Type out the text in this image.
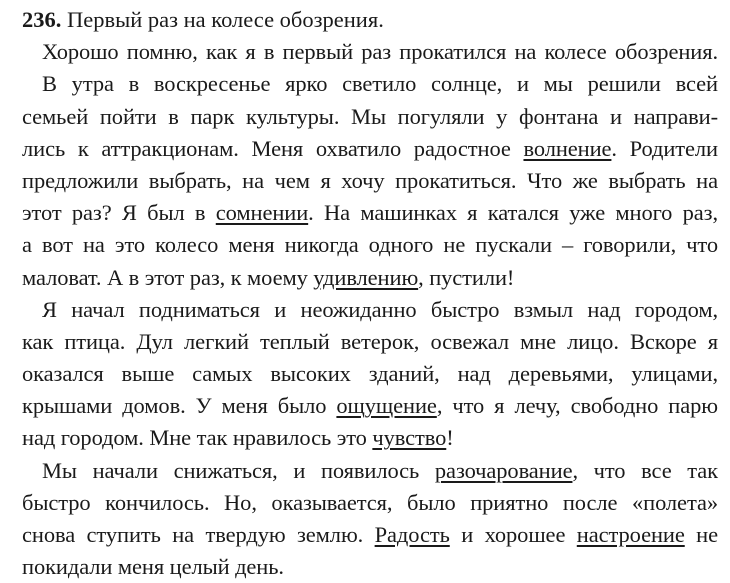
236. Первый раз на колесе обозрения.
Хорошо помню, как я в первый раз прокатился на колесе обозрения.
В утра в воскресенье ярко светило солнце, и мы решили всей
семьей пойти в парк культуры. Мы погуляли у фонтана и направи-
лись к аттракционам. Меня охватило радостное волнение. Родители
предложили выбрать, на чем я хочу прокатиться. Что же выбрать на
этот раз? Я был в сомнении. На машинках я катался уже много раз,
а вот на это колесо меня никогда одного не пускали – говорили, что
маловат. А в этот раз, к моему удивлению, пустили!
Я начал подниматься и неожиданно быстро взмыл над городом,
как птица. Дул легкий теплый ветерок, освежал мне лицо. Вскоре я
оказался выше самых высоких зданий, над деревьями, улицами,
крышами домов. У меня было ощущение, что я лечу, свободно парю
над городом. Мне так нравилось это чувство!
Мы начали снижаться, и появилось разочарование, что все так
быстро кончилось. Но, оказывается, было приятно после «полета»
снова ступить на твердую землю. Радость и хорошее настроение не
покидали меня целый день.
